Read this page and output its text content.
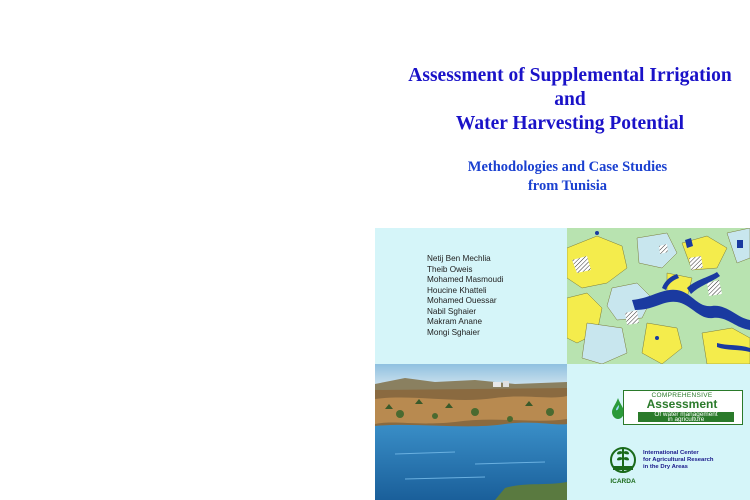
Assessment of Supplemental Irrigation
and
Water Harvesting Potential
Methodologies and Case Studies
from Tunisia
Netij Ben Mechlia
Theib Oweis
Mohamed Masmoudi
Houcine Khatteli
Mohamed Ouessar
Nabil Sghaier
Makram Anane
Mongi Sghaier
COMPREHENSIVE
Assessment
Of water management
in agriculture
ICARDA
International Center
for Agricultural Research
in the Dry Areas
